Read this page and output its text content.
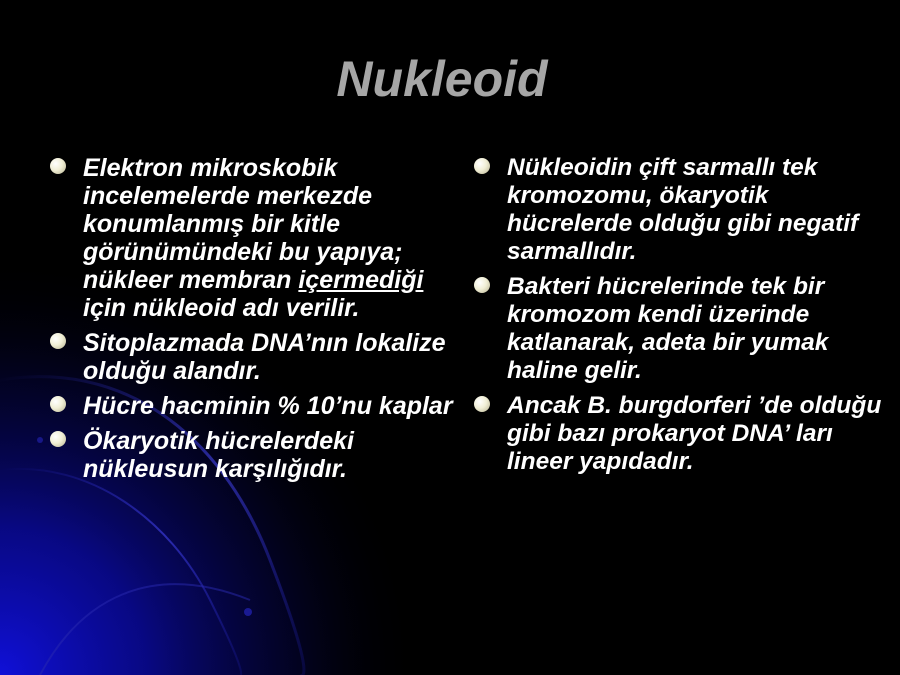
Nukleoid
Elektron mikroskobik incelemelerde merkezde konumlanmış bir kitle görünümündeki bu yapıya; nükleer membran içermediği için nükleoid adı verilir.
Sitoplazmada DNA’nın lokalize olduğu alandır.
Hücre hacminin % 10’nu kaplar
Ökaryotik hücrelerdeki nükleusun karşılığıdır.
Nükleoidin çift sarmallı tek kromozomu, ökaryotik hücrelerde olduğu gibi negatif sarmallıdır.
Bakteri hücrelerinde tek bir kromozom kendi üzerinde katlanarak, adeta bir yumak haline gelir.
Ancak B. burgdorferi ’de olduğu gibi bazı prokaryot DNA’ ları lineer yapıdadır.
